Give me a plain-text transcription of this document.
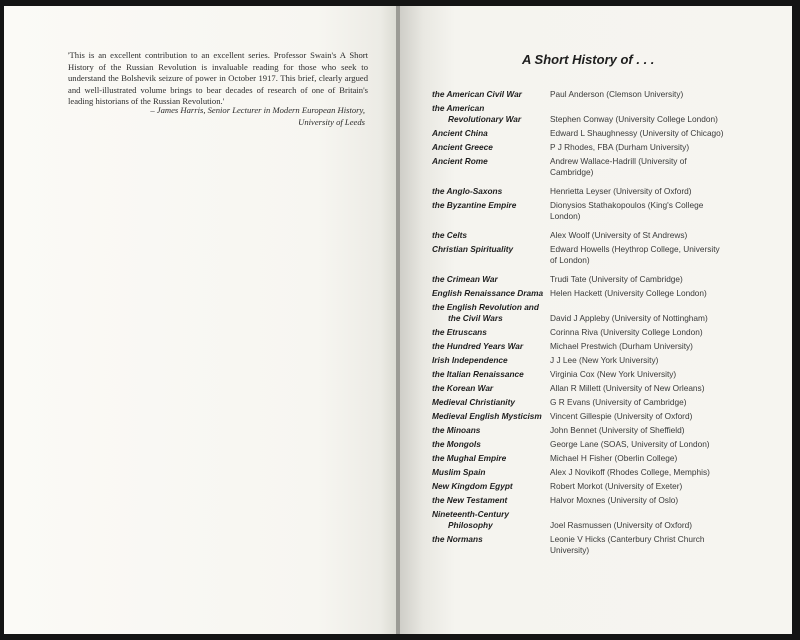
'This is an excellent contribution to an excellent series. Professor Swain's A Short History of the Russian Revolution is invaluable reading for those who seek to understand the Bolshevik seizure of power in October 1917. This brief, clearly argued and well-illustrated volume brings to bear decades of research of one of Britain's leading historians of the Russian Revolution.'

– James Harris, Senior Lecturer in Modern European History,
University of Leeds

A Short History of . . .
the American Civil War	Paul Anderson (Clemson University)
the American
Revolutionary War	Stephen Conway (University College London)
Ancient China	Edward L Shaughnessy (University of Chicago)
Ancient Greece	P J Rhodes, FBA (Durham University)
Ancient Rome	Andrew Wallace-Hadrill (University of
Cambridge)
the Anglo-Saxons	Henrietta Leyser (University of Oxford)
the Byzantine Empire	Dionysios Stathakopoulos (King's College
London)
the Celts	Alex Woolf (University of St Andrews)
Christian Spirituality	Edward Howells (Heythrop College, University
of London)
the Crimean War	Trudi Tate (University of Cambridge)
English Renaissance Drama Helen Hackett (University College London)
the English Revolution and
the Civil Wars	David J Appleby (University of Nottingham)
the Etruscans	Corinna Riva (University College London)
the Hundred Years War	Michael Prestwich (Durham University)
Irish Independence	J J Lee (New York University)
the Italian Renaissance	Virginia Cox (New York University)
the Korean War	Allan R Millett (University of New Orleans)
Medieval Christianity	G R Evans (University of Cambridge)
Medieval English Mysticism Vincent Gillespie (University of Oxford)
the Minoans	John Bennet (University of Sheffield)
the Mongols	George Lane (SOAS, University of London)
the Mughal Empire	Michael H Fisher (Oberlin College)
Muslim Spain	Alex J Novikoff (Rhodes College, Memphis)
New Kingdom Egypt	Robert Morkot (University of Exeter)
the New Testament	Halvor Moxnes (University of Oslo)
Nineteenth-Century
Philosophy	Joel Rasmussen (University of Oxford)
the Normans	Leonie V Hicks (Canterbury Christ Church
University)
